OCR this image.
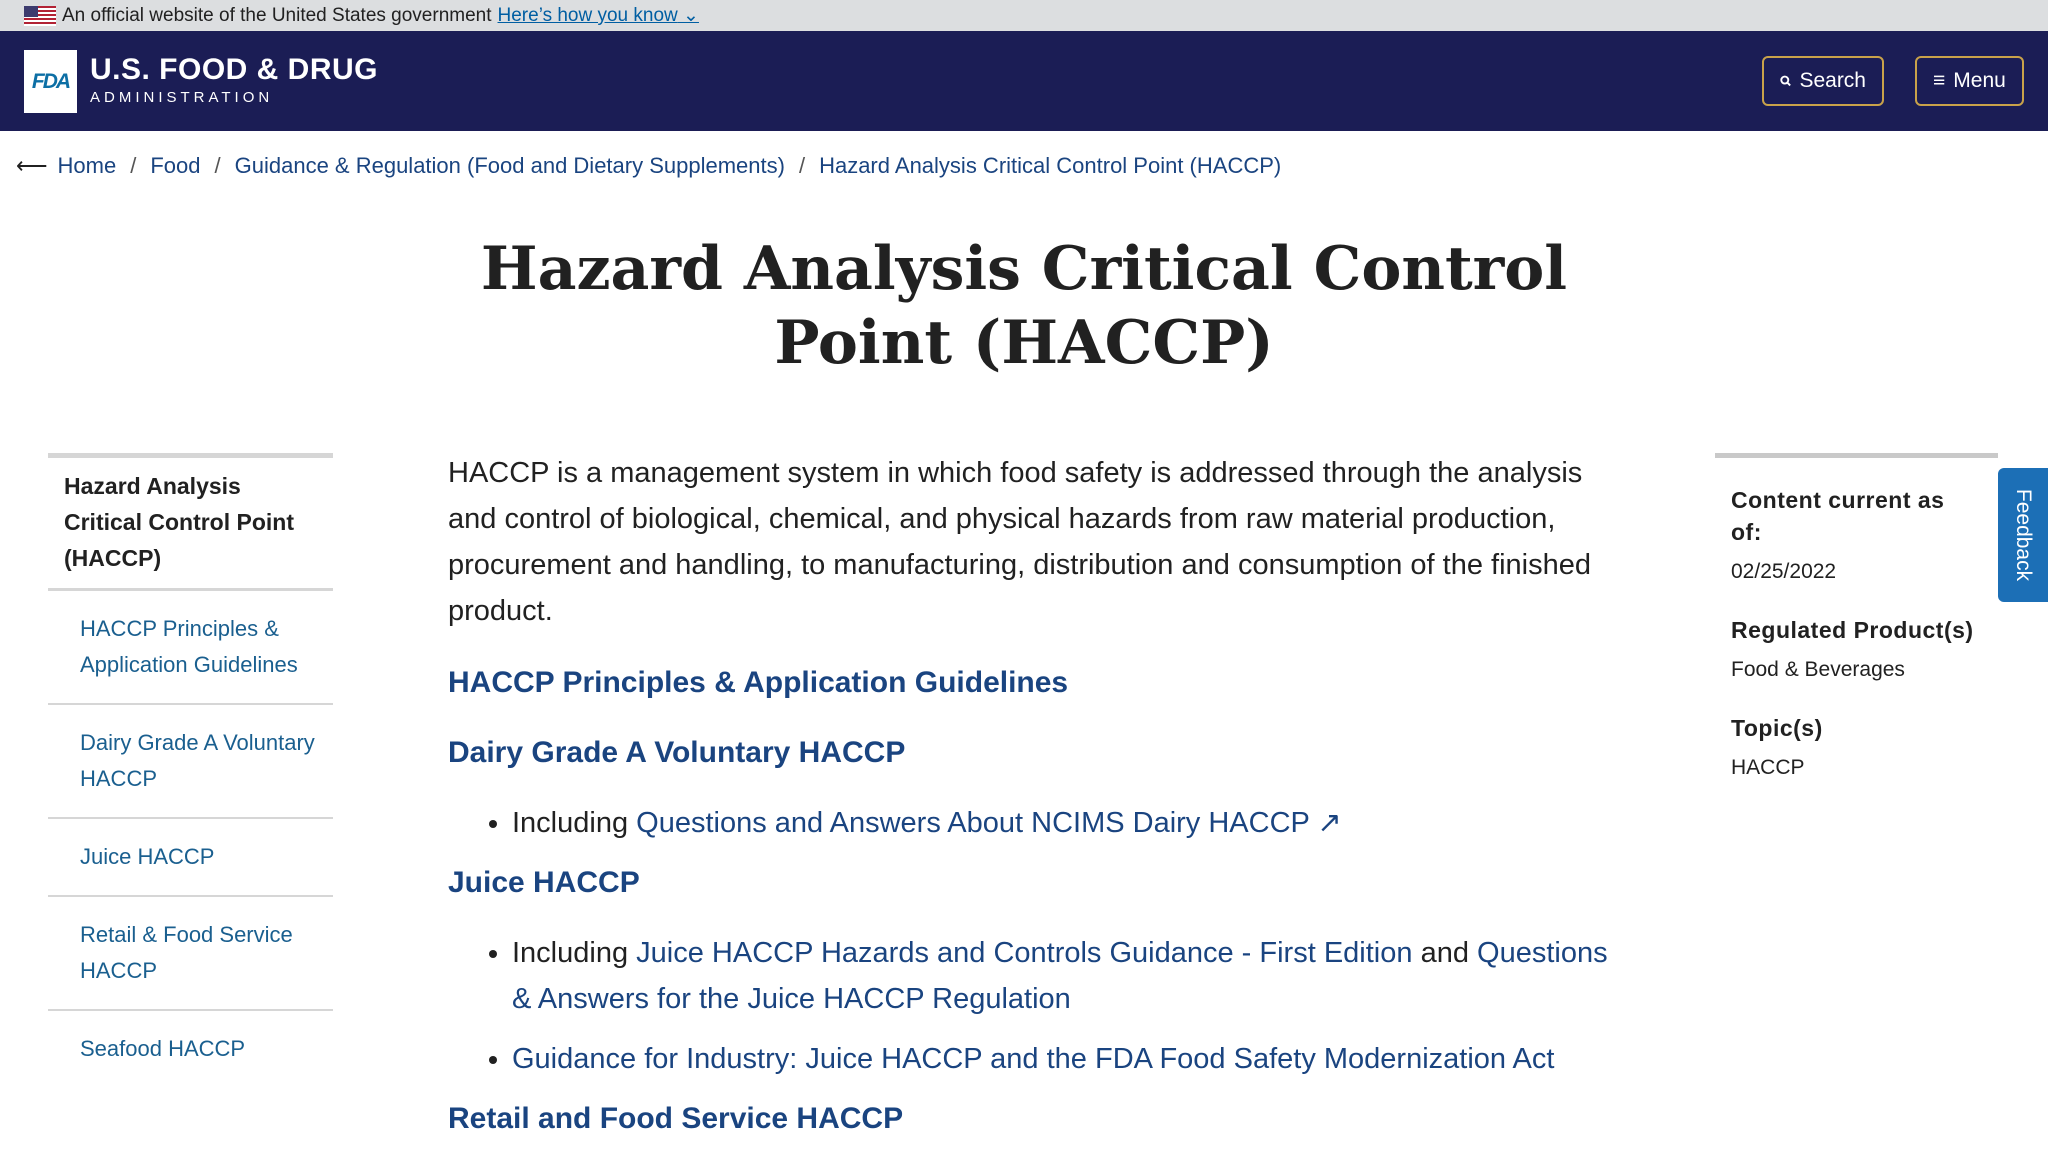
An official website of the United States government Here’s how you know ⌄
FDA U.S. FOOD & DRUG
ADMINISTRATION
Search	≡ Menu
⟵ Home / Food / Guidance & Regulation (Food and Dietary Supplements) / Hazard Analysis Critical Control Point (HACCP)
Hazard Analysis Critical Control Point (HACCP)
Hazard Analysis Critical Control Point (HACCP)
HACCP Principles & Application Guidelines
Dairy Grade A Voluntary HACCP
Juice HACCP
Retail & Food Service HACCP
Seafood HACCP

HACCP is a management system in which food safety is addressed through the analysis and control of biological, chemical, and physical hazards from raw material production, procurement and handling, to manufacturing, distribution and consumption of the finished product.

HACCP Principles & Application Guidelines
Dairy Grade A Voluntary HACCP
• Including Questions and Answers About NCIMS Dairy HACCP ↗
Juice HACCP
• Including Juice HACCP Hazards and Controls Guidance - First Edition and Questions & Answers for the Juice HACCP Regulation
• Guidance for Industry: Juice HACCP and the FDA Food Safety Modernization Act
Retail and Food Service HACCP
Content current as of:
02/25/2022
Regulated Product(s)
Food & Beverages
Topic(s)
HACCP
Feedback
